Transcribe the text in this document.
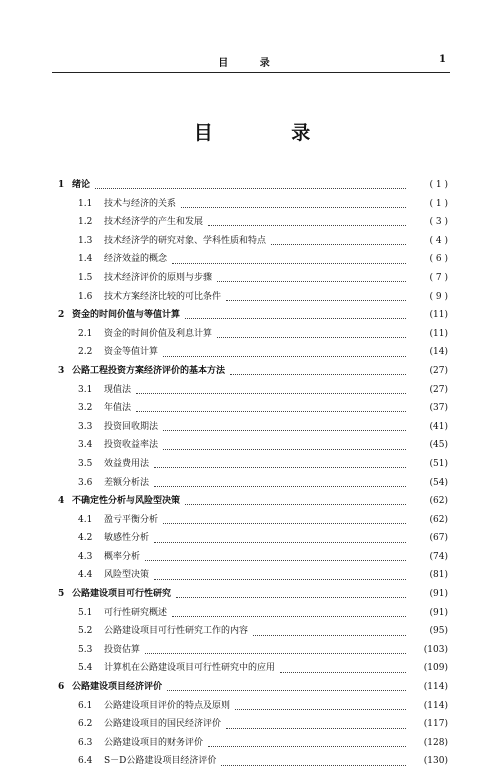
目 录	1
目 录
1 绪论	( 1 )
1.1	技术与经济的关系	( 1 )
1.2	技术经济学的产生和发展	( 3 )
1.3	技术经济学的研究对象、学科性质和特点	( 4 )
1.4	经济效益的概念	( 6 )
1.5	技术经济评价的原则与步骤	( 7 )
1.6	技术方案经济比较的可比条件	( 9 )
2 资金的时间价值与等值计算	(11)
2.1	资金的时间价值及利息计算	(11)
2.2	资金等值计算	(14)
3 公路工程投资方案经济评价的基本方法	(27)
3.1	现值法	(27)
3.2	年值法	(37)
3.3	投资回收期法	(41)
3.4	投资收益率法	(45)
3.5	效益费用法	(51)
3.6	差额分析法	(54)
4 不确定性分析与风险型决策	(62)
4.1	盈亏平衡分析	(62)
4.2	敏感性分析	(67)
4.3	概率分析	(74)
4.4	风险型决策	(81)
5 公路建设项目可行性研究	(91)
5.1	可行性研究概述	(91)
5.2	公路建设项目可行性研究工作的内容	(95)
5.3	投资估算	(103)
5.4	计算机在公路建设项目可行性研究中的应用	(109)
6 公路建设项目经济评价	(114)
6.1	公路建设项目评价的特点及原则	(114)
6.2	公路建设项目的国民经济评价	(117)
6.3	公路建设项目的财务评价	(128)
6.4	S－D公路建设项目经济评价	(130)
